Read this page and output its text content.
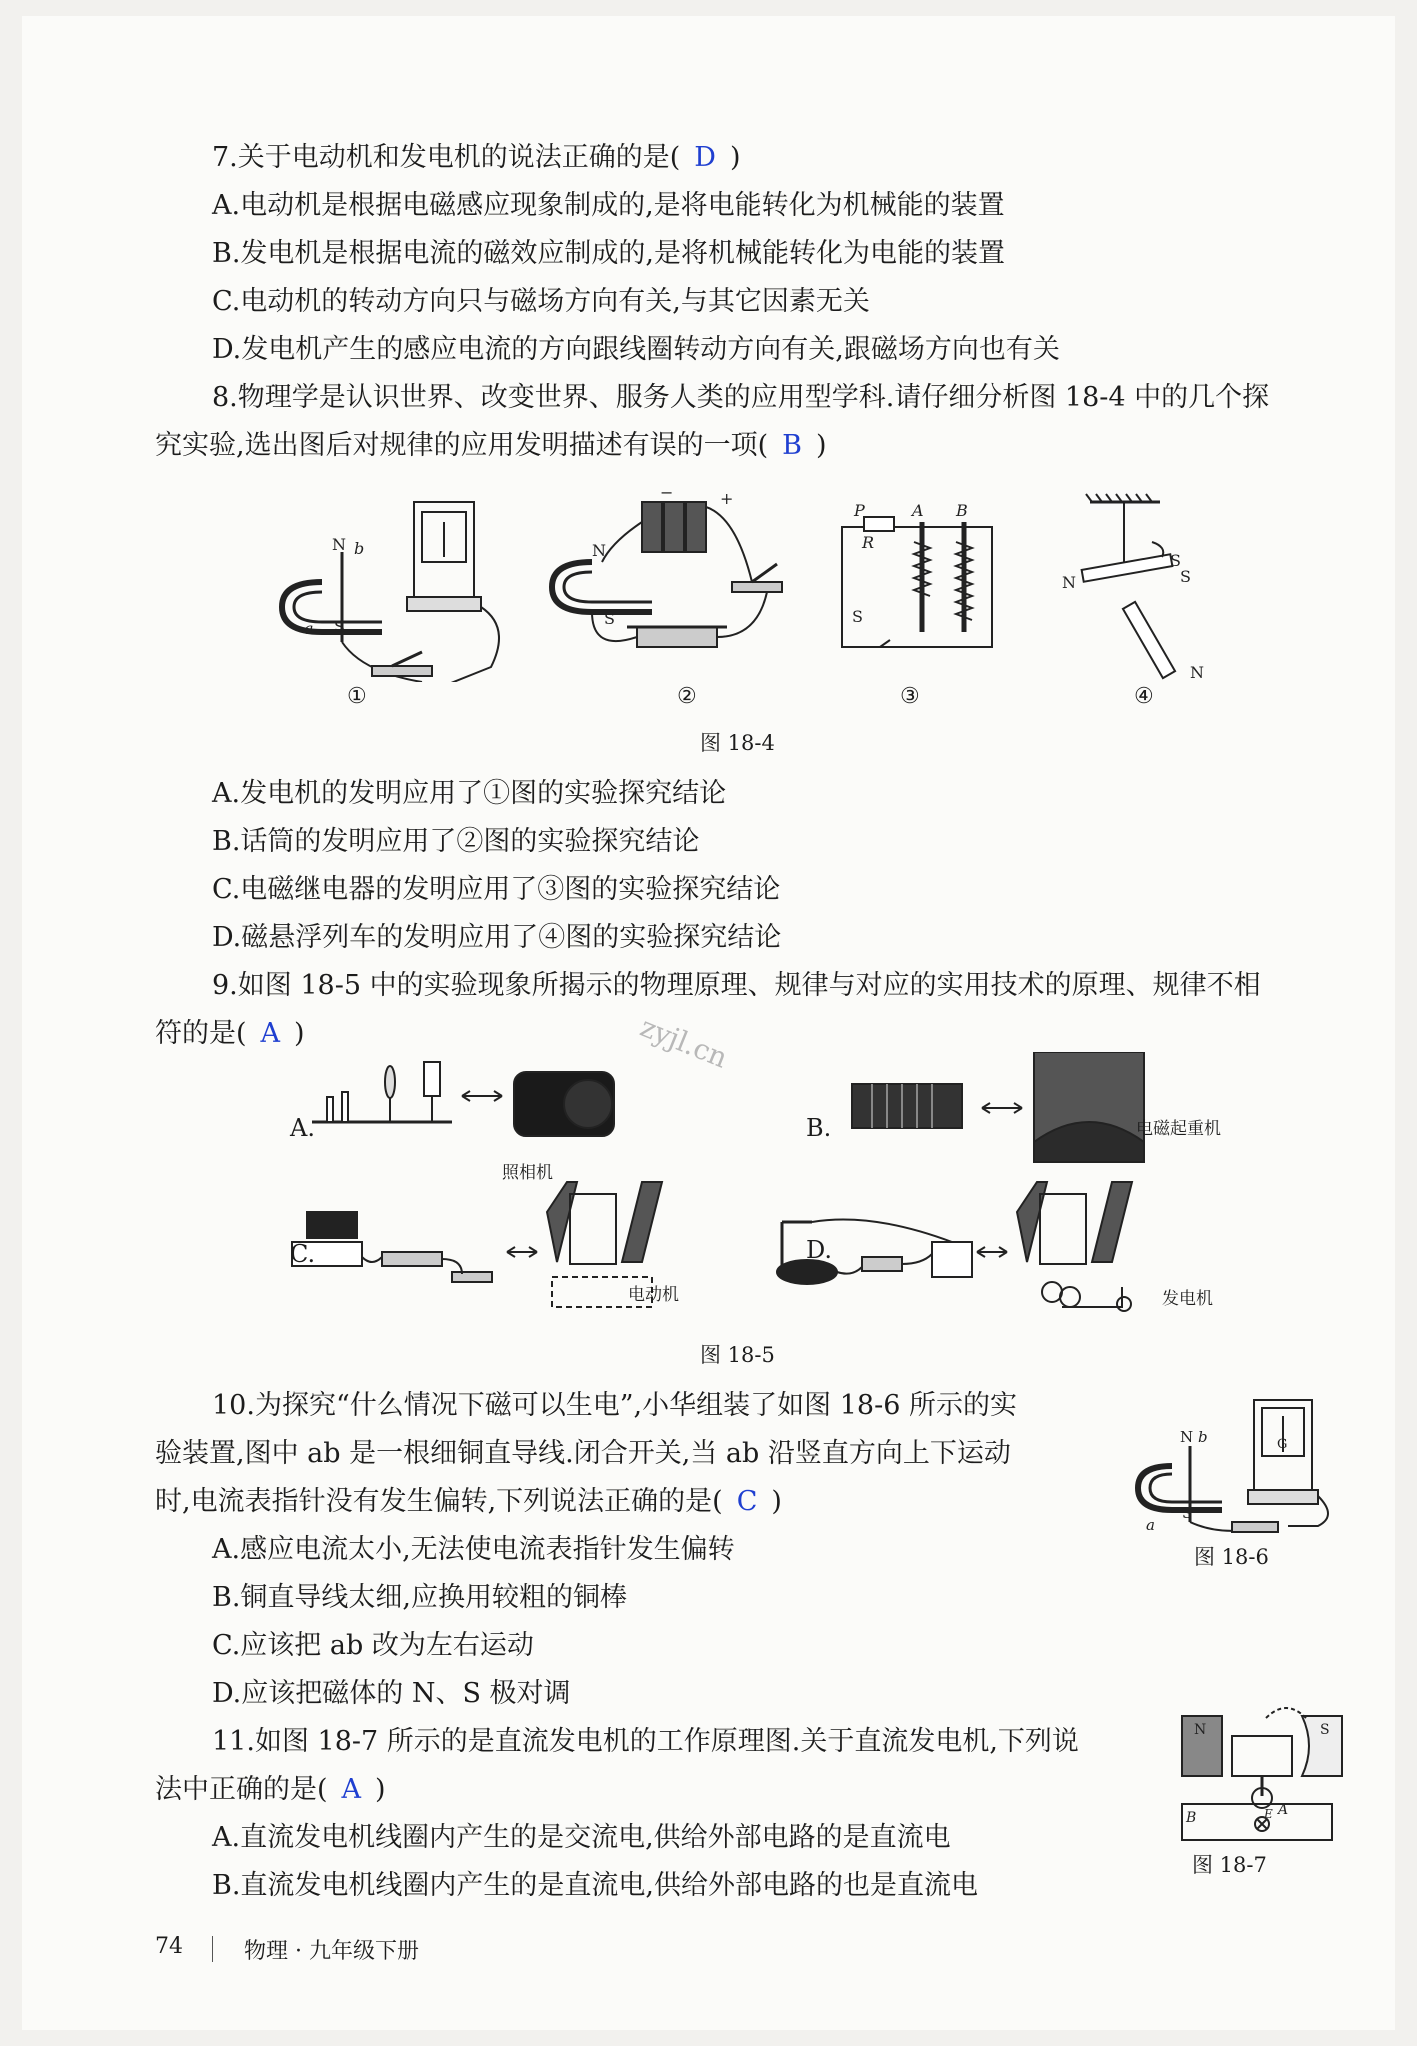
7.关于电动机和发电机的说法正确的是( D )
A.电动机是根据电磁感应现象制成的,是将电能转化为机械能的装置
B.发电机是根据电流的磁效应制成的,是将机械能转化为电能的装置
C.电动机的转动方向只与磁场方向有关,与其它因素无关
D.发电机产生的感应电流的方向跟线圈转动方向有关,跟磁场方向也有关
8.物理学是认识世界、改变世界、服务人类的应用型学科.请仔细分析图 18-4 中的几个探
究实验,选出图后对规律的应用发明描述有误的一项( B )
N b
S
a
N
S
−	+
P
R
A B
S
N
S
S
N
①	②	③	④
图 18-4
A.发电机的发明应用了①图的实验探究结论
B.话筒的发明应用了②图的实验探究结论
C.电磁继电器的发明应用了③图的实验探究结论
D.磁悬浮列车的发明应用了④图的实验探究结论
9.如图 18-5 中的实验现象所揭示的物理原理、规律与对应的实用技术的原理、规律不相
符的是( A )	zyjl.cn
A.
照相机
B.	电磁起重机
C.
电动机
D.
发电机
图 18-5
10.为探究“什么情况下磁可以生电”,小华组装了如图 18-6 所示的实
验装置,图中 ab 是一根细铜直导线.闭合开关,当 ab 沿竖直方向上下运动
时,电流表指针没有发生偏转,下列说法正确的是( C )
A.感应电流太小,无法使电流表指针发生偏转
B.铜直导线太细,应换用较粗的铜棒
C.应该把 ab 改为左右运动
D.应该把磁体的 N、S 极对调
N b
S
a
G
图 18-6
11.如图 18-7 所示的是直流发电机的工作原理图.关于直流发电机,下列说
法中正确的是( A )
A.直流发电机线圈内产生的是交流电,供给外部电路的是直流电
B.直流发电机线圈内产生的是直流电,供给外部电路的也是直流电
N	S
B	A
E
图 18-7
74	物理 · 九年级下册
